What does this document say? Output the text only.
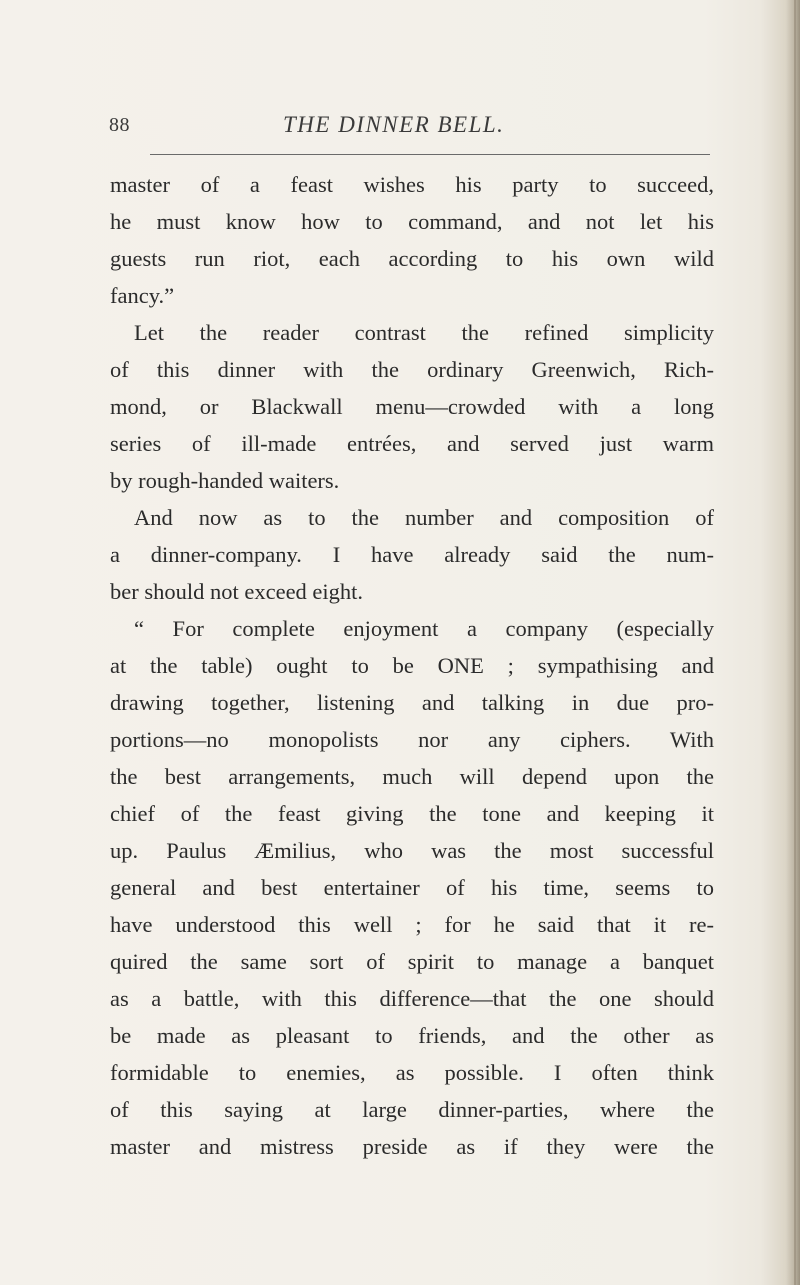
88	THE DINNER BELL.
master of a feast wishes his party to succeed,
he must know how to command, and not let his
guests run riot, each according to his own wild
fancy.”
Let the reader contrast the refined simplicity
of this dinner with the ordinary Greenwich, Rich-
mond, or Blackwall menu—crowded with a long
series of ill-made entrées, and served just warm
by rough-handed waiters.
And now as to the number and composition of
a dinner-company. I have already said the num-
ber should not exceed eight.
“ For complete enjoyment a company (especially
at the table) ought to be ONE ; sympathising and
drawing together, listening and talking in due pro-
portions—no monopolists nor any ciphers. With
the best arrangements, much will depend upon the
chief of the feast giving the tone and keeping it
up. Paulus Æmilius, who was the most successful
general and best entertainer of his time, seems to
have understood this well ; for he said that it re-
quired the same sort of spirit to manage a banquet
as a battle, with this difference—that the one should
be made as pleasant to friends, and the other as
formidable to enemies, as possible. I often think
of this saying at large dinner-parties, where the
master and mistress preside as if they were the
